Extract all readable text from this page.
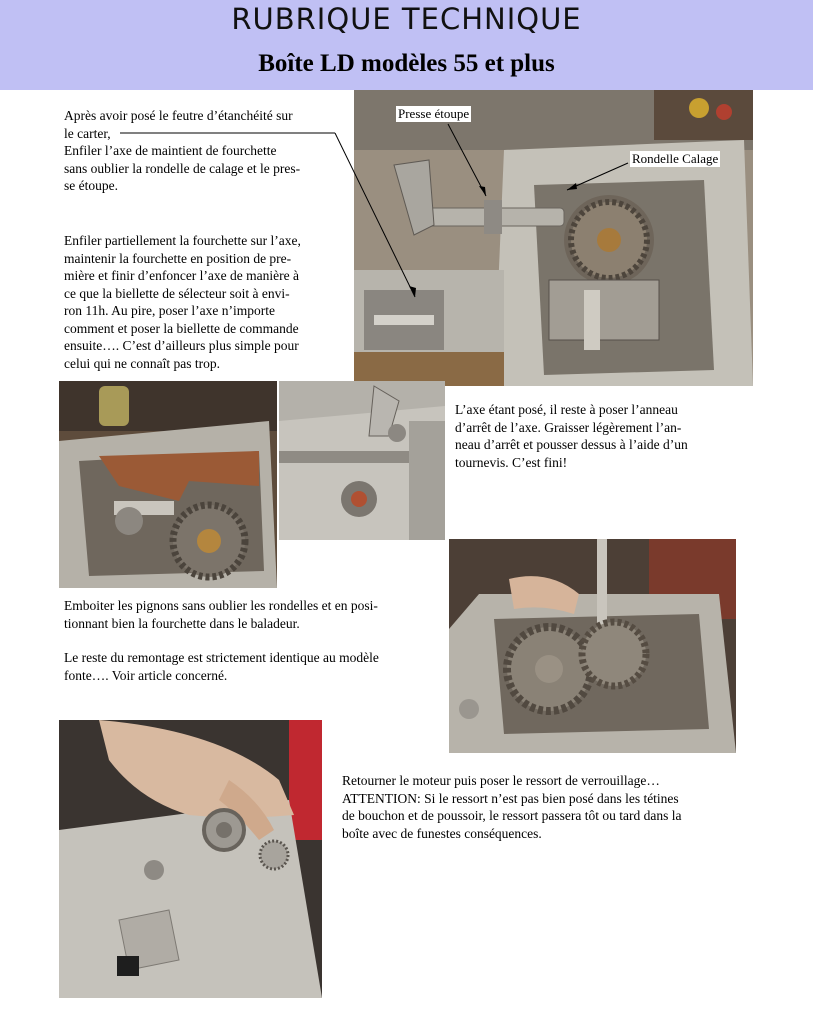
RUBRIQUE TECHNIQUE
Boîte LD modèles 55 et plus
Presse étoupe
Rondelle Calage

Après avoir posé le feutre d’étanchéité sur
le carter,
Enfiler l’axe de maintient de fourchette
sans oublier la rondelle de calage et le pres-
se étoupe.

Enfiler partiellement la fourchette sur l’axe,
maintenir la fourchette en position de pre-
mière et finir d’enfoncer l’axe de manière à
ce que la biellette de sélecteur soit à envi-
ron 11h. Au pire, poser l’axe n’importe
comment et poser la biellette de commande
ensuite…. C’est d’ailleurs plus simple pour
celui qui ne connaît pas trop.

L’axe étant posé, il reste à poser l’anneau
d’arrêt de l’axe. Graisser légèrement l’an-
neau d’arrêt et pousser dessus à l’aide d’un
tournevis. C’est fini!

Emboiter les pignons sans oublier les rondelles et en posi-
tionnant bien la fourchette dans le baladeur.

Le reste du remontage est strictement identique au modèle
fonte…. Voir article concerné.

Retourner le moteur puis poser le ressort de verrouillage…
ATTENTION: Si le ressort n’est pas bien posé dans les tétines
de bouchon et de poussoir, le ressort passera tôt ou tard dans la
boîte avec de funestes conséquences.
